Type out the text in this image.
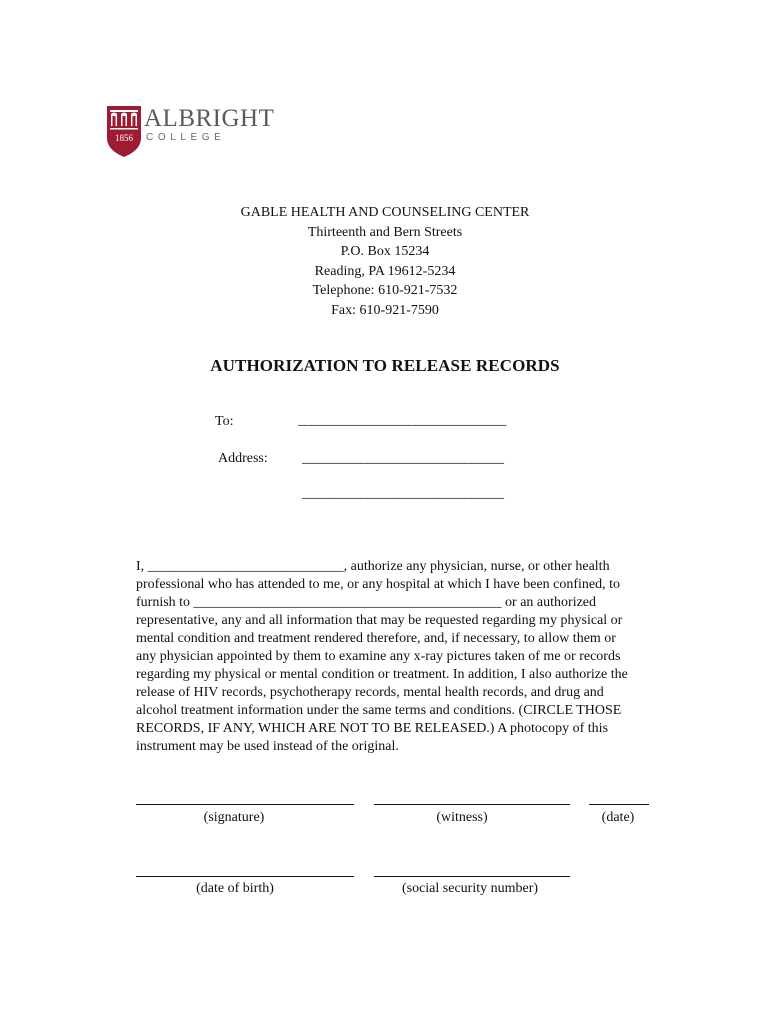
1856
ALBRIGHT
COLLEGE
GABLE HEALTH AND COUNSELING CENTER
Thirteenth and Bern Streets
P.O. Box 15234
Reading, PA 19612-5234
Telephone: 610-921-7532
Fax: 610-921-7590
AUTHORIZATION TO RELEASE RECORDS
To:	________________________________
Address: _______________________________
_______________________________

I, ____________________________, authorize any physician, nurse, or other health

professional who has attended to me, or any hospital at which I have been confined, to

furnish to ____________________________________________ or an authorized

representative, any and all information that may be requested regarding my physical or

mental condition and treatment rendered therefore, and, if necessary, to allow them or

any physician appointed by them to examine any x-ray pictures taken of me or records

regarding my physical or mental condition or treatment. In addition, I also authorize the

release of HIV records, psychotherapy records, mental health records, and drug and

alcohol treatment information under the same terms and conditions. (CIRCLE THOSE

RECORDS, IF ANY, WHICH ARE NOT TO BE RELEASED.) A photocopy of this

instrument may be used instead of the original.

(signature)	(witness)	(date)
(date of birth)	(social security number)
